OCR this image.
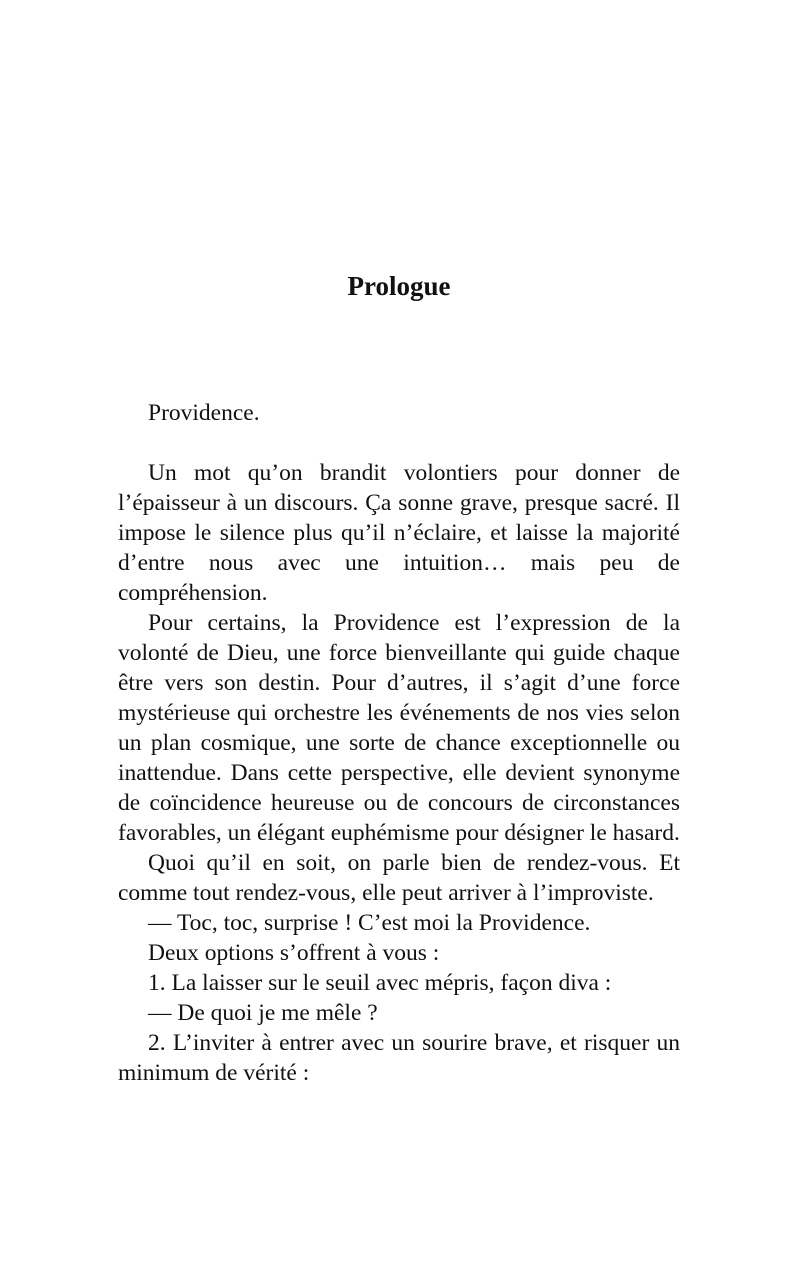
Prologue

Providence.

Un mot qu’on brandit volontiers pour donner de l’épaisseur à un discours. Ça sonne grave, presque sacré. Il impose le silence plus qu’il n’éclaire, et laisse la majorité d’entre nous avec une intuition… mais peu de compréhension.

Pour certains, la Providence est l’expression de la volonté de Dieu, une force bienveillante qui guide chaque être vers son destin. Pour d’autres, il s’agit d’une force mystérieuse qui orchestre les événements de nos vies selon un plan cosmique, une sorte de chance exceptionnelle ou inattendue. Dans cette perspective, elle devient synonyme de coïncidence heureuse ou de concours de circonstances favorables, un élégant euphémisme pour désigner le hasard.

Quoi qu’il en soit, on parle bien de rendez-vous. Et comme tout rendez-vous, elle peut arriver à l’improviste.

— Toc, toc, surprise ! C’est moi la Providence.

Deux options s’offrent à vous :

1. La laisser sur le seuil avec mépris, façon diva :

— De quoi je me mêle ?

2. L’inviter à entrer avec un sourire brave, et risquer un minimum de vérité :
